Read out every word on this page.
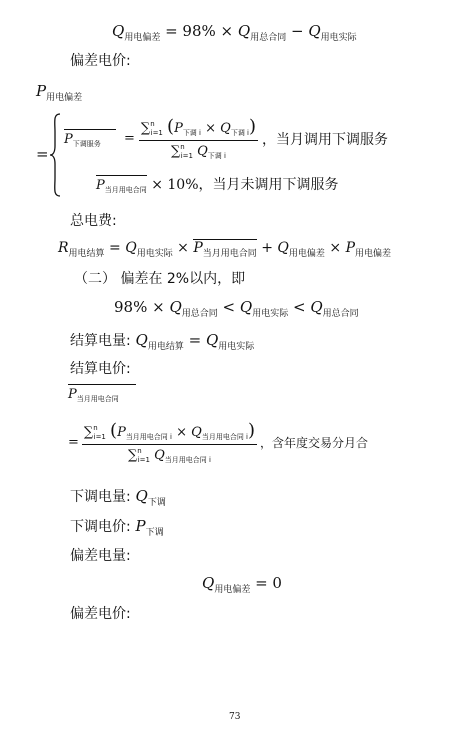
$Q_{用电偏差} = 98\% \times Q_{用总合同} - Q_{用电实际}$
偏差电价:
$P_{用电偏差}$
=
$P_{下调服务}$	= $\frac{\sum^n_{i=1} (P_{下调 i} \times Q_{下调 i})}{\sum^n_{i=1} Q_{下调 i}}$ ，当月调用下调服务
$P_{当月用电合同} \times 10\%$，当月未调用下调服务
总电费:
$R_{用电结算} = Q_{用电实际} \times P_{当月用电合同} + Q_{用电偏差} \times P_{用电偏差}$
（二） 偏差在 2%以内，即
$98\% \times Q_{用总合同} < Q_{用电实际} < Q_{用总合同}$
结算电量: $Q_{用电结算} = Q_{用电实际}$
结算电价:
$P_{当月用电合同}$
= $\frac{\sum^n_{i=1} (P_{当月用电合同 i} \times Q_{当月用电合同 i})}{\sum^n_{i=1} Q_{当月用电合同 i}}$ ，含年度交易分月合
下调电量: $Q_{下调}$
下调电价: $P_{下调}$
偏差电量:
$Q_{用电偏差} = 0$
偏差电价:
73
